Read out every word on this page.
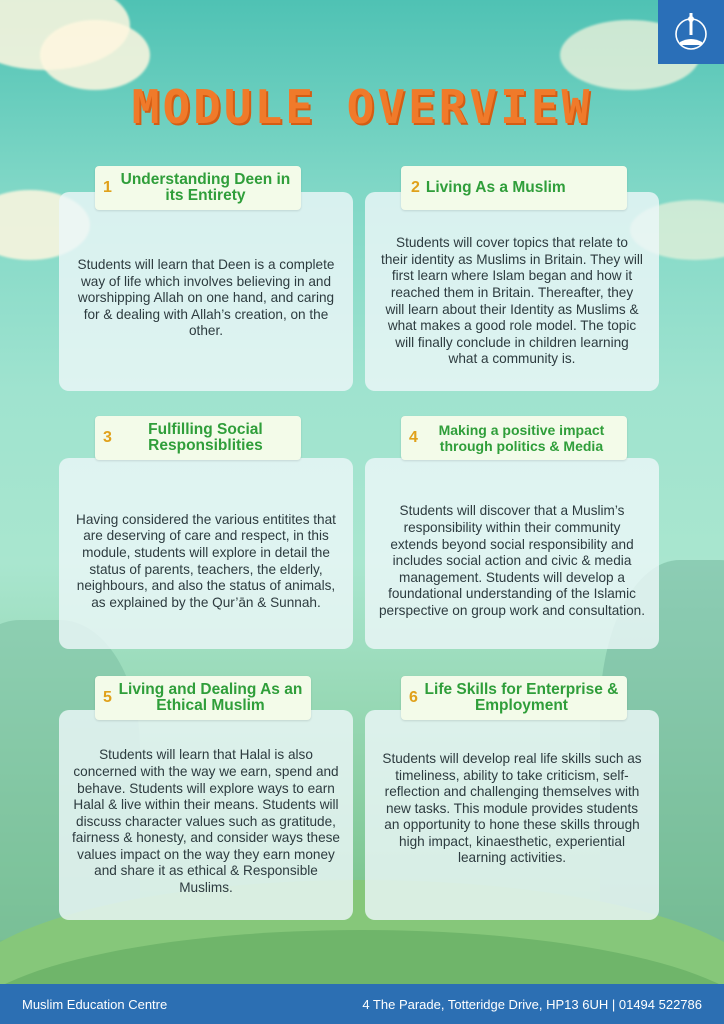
MODULE OVERVIEW

Students will learn that Deen is a complete way of life which involves believing in and worshipping Allah on one hand, and caring for & dealing with Allah’s creation, on the other.

1 Understanding Deen in its Entirety

Students will cover topics that relate to their identity as Muslims in Britain. They will first learn where Islam began and how it reached them in Britain. Thereafter, they will learn about their Identity as Muslims & what makes a good role model. The topic will finally conclude in children learning what a community is.

2 Living As a Muslim

Having considered the various entitites that are deserving of care and respect, in this module, students will explore in detail the status of parents, teachers, the elderly, neighbours, and also the status of animals, as explained by the Qur’ān & Sunnah.

3	Fulfilling Social Responsiblities

Students will discover that a Muslim’s responsibility within their community extends beyond social responsibility and includes social action and civic & media management. Students will develop a foundational understanding of the Islamic perspective on group work and consultation.

4	Making a positive impact through politics & Media

Students will learn that Halal is also concerned with the way we earn, spend and behave. Students will explore ways to earn Halal & live within their means. Students will discuss character values such as gratitude, fairness & honesty, and consider ways these values impact on the way they earn money and share it as ethical & Responsible Muslims.

5 Living and Dealing As an Ethical Muslim

Students will develop real life skills such as timeliness, ability to take criticism, self-reflection and challenging themselves with new tasks. This module provides students an opportunity to hone these skills through high impact, kinaesthetic, experiential learning activities.

6 Life Skills for Enterprise & Employment
Muslim Education Centre	4 The Parade, Totteridge Drive, HP13 6UH | 01494 522786
